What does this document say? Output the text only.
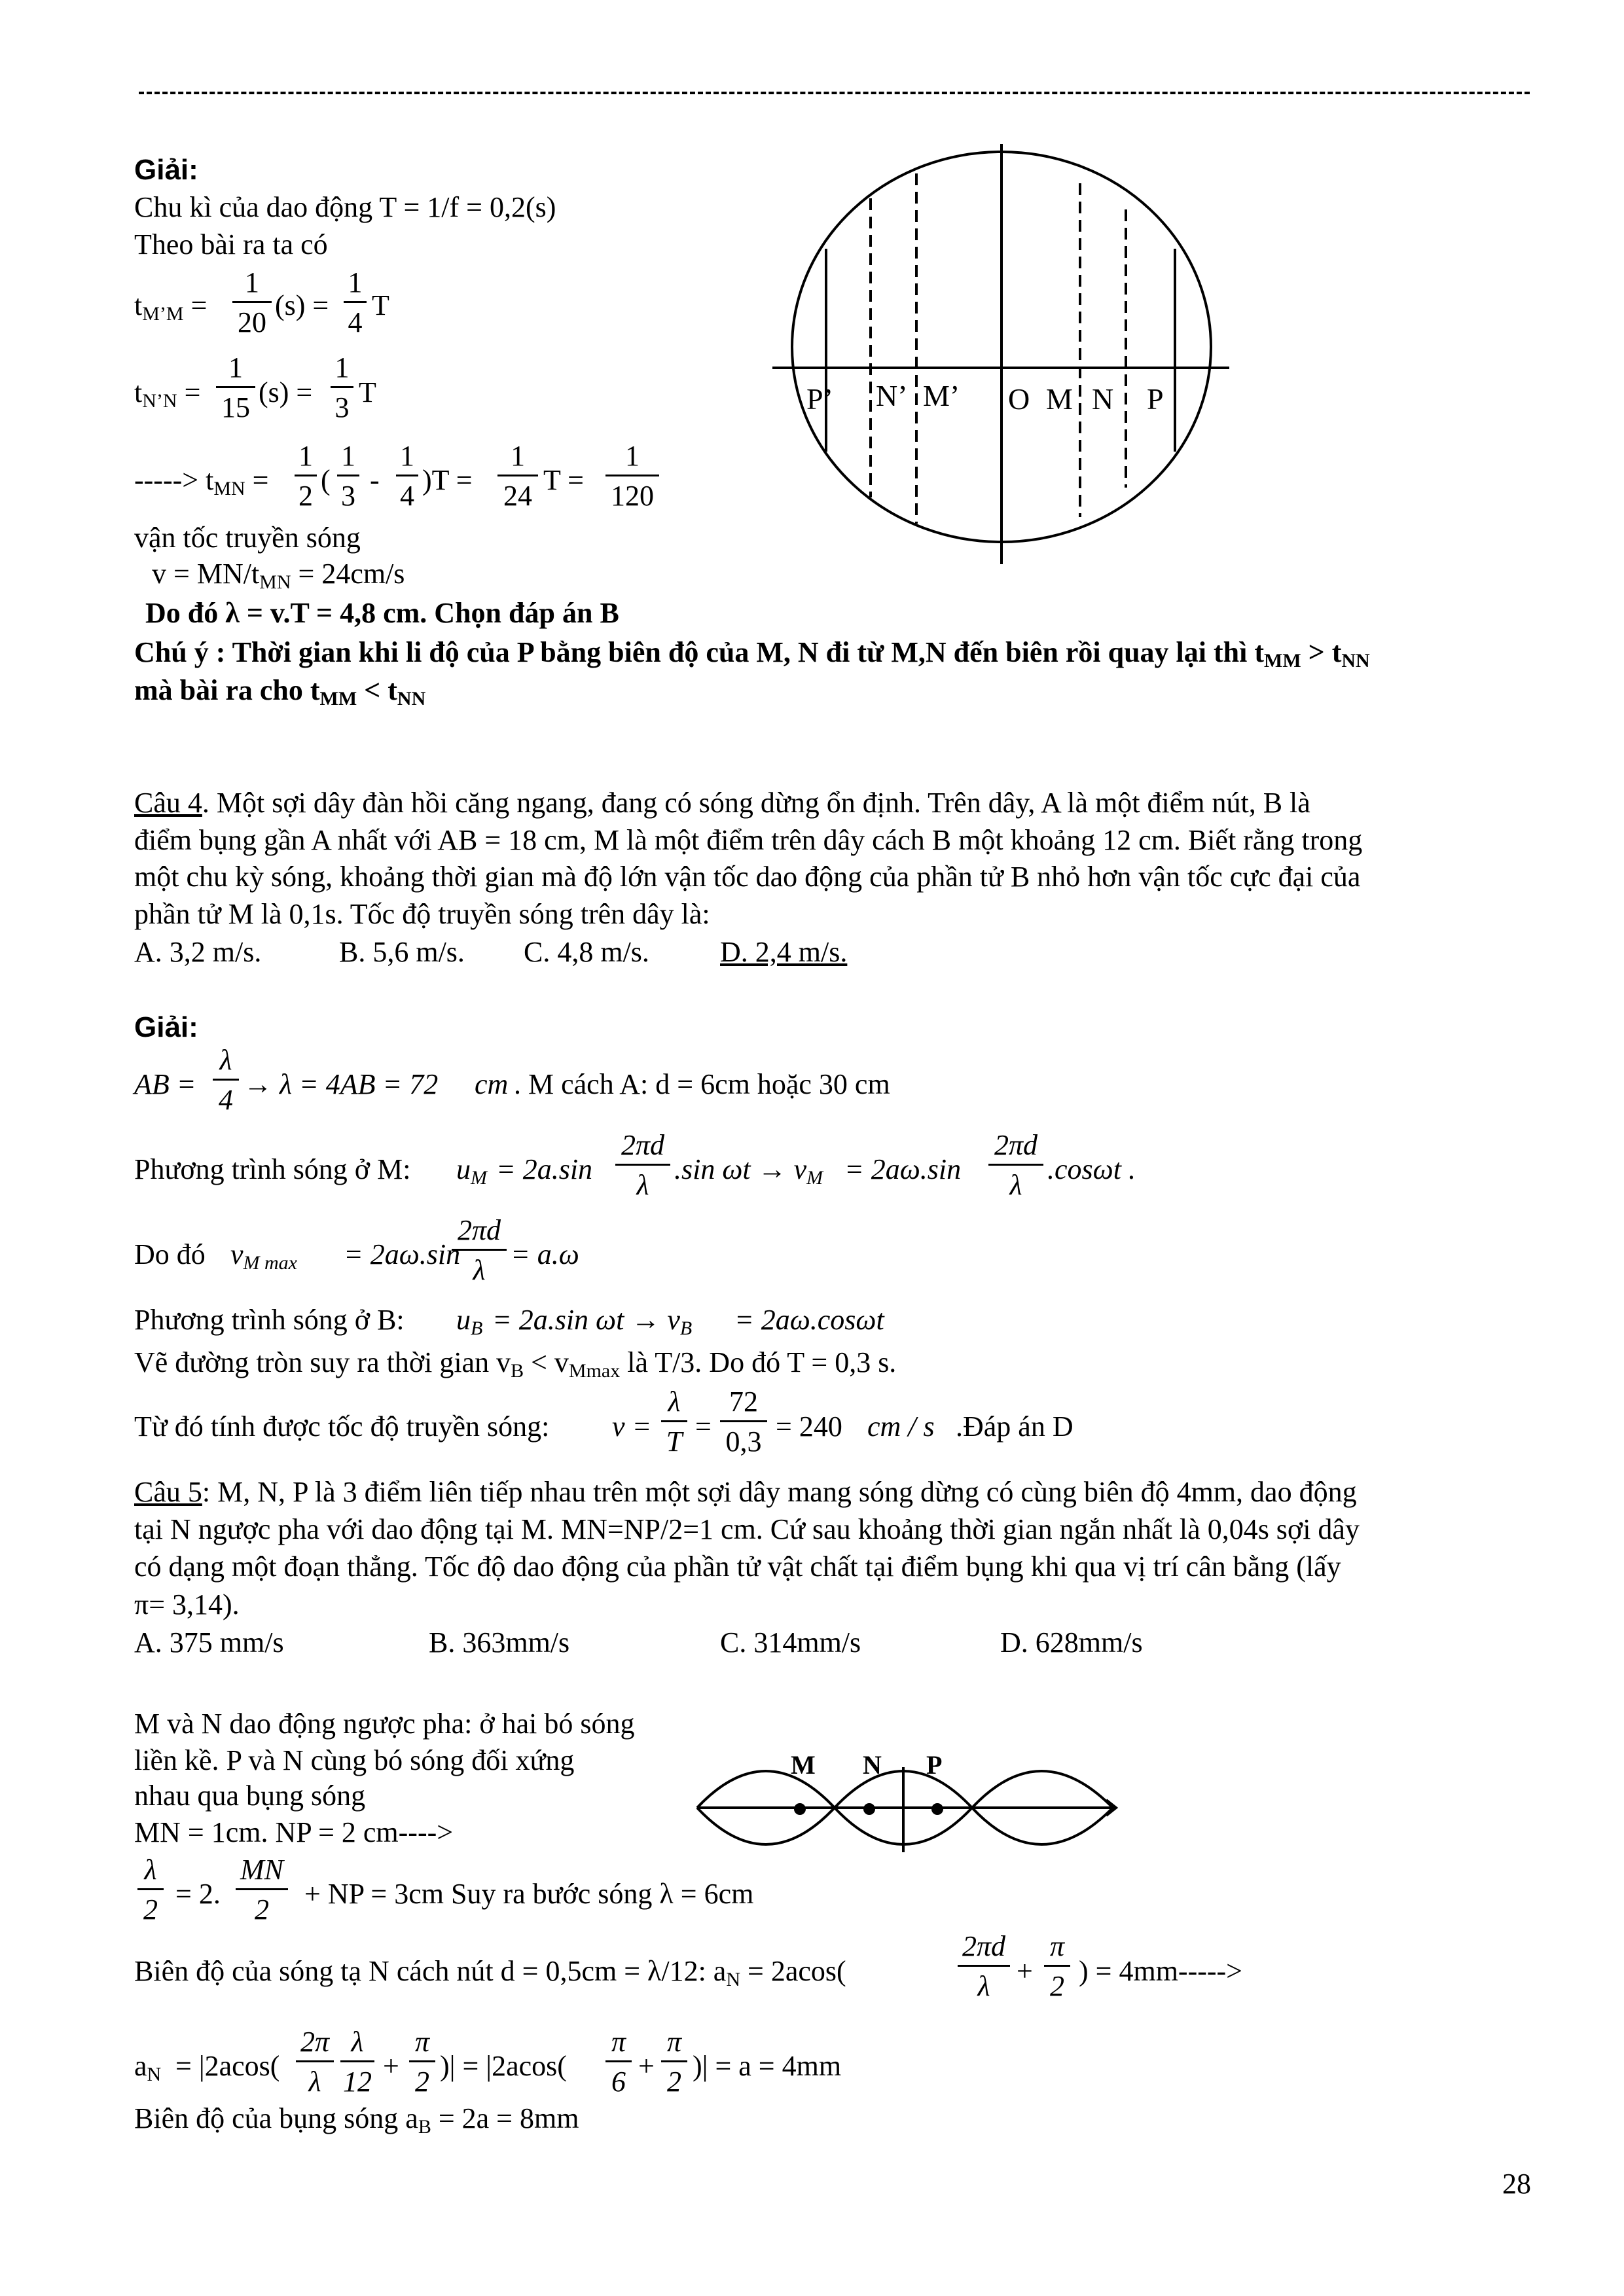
Giải:
Chu kì của dao động T = 1/f = 0,2(s)
Theo bài ra ta có
$t_{M’M} = \frac{1}{20} (s) = \frac{1}{4}$ T
$t_{N’N} = \frac{1}{15} (s) = \frac{1}{3}$ T
-----> $t_{MN} = \frac{1}{2}$ ( $\frac{1}{3} - \frac{1}{4} )T = \frac{1}{24}$ $T = \frac{1}{120}$
vận tốc truyền sóng
$v = MN/t_{MN} = 24cm/s$
Do đó λ = v.T = 4,8 cm. Chọn đáp án B
Chú ý : Thời gian khi li độ của P bằng biên độ của M, N đi từ M,N đến biên rồi quay lại thì $t_{MM} > t_{NN}$
mà bài ra cho $t_{MM} < t_{NN}$
P’ N’ M’ O M N P
Câu 4. Một sợi dây đàn hồi căng ngang, đang có sóng dừng ổn định. Trên dây, A là một điểm nút, B là
điểm bụng gần A nhất với AB = 18 cm, M là một điểm trên dây cách B một khoảng 12 cm. Biết rằng trong
một chu kỳ sóng, khoảng thời gian mà độ lớn vận tốc dao động của phần tử B nhỏ hơn vận tốc cực đại của
phần tử M là 0,1s. Tốc độ truyền sóng trên dây là:
A. 3,2 m/s.	B. 5,6 m/s. C. 4,8 m/s. D. 2,4 m/s.
Giải:
AB = $\frac{\lambda}{4} \to \lambda = 4AB = 72$ cm . M cách A: d = 6cm hoặc 30 cm
Phương trình sóng ở M: $u_M = 2a.\sin \frac{2\pi d}{\lambda} .\sin$ $\omega t \to v_M = 2a\omega.\sin \frac{2\pi d}{\lambda} .\cos\omega t$ .
Do đó $v_{M max} = 2a\omega.\sin$
$\frac{2\pi d}{\lambda} = a.\omega$
Phương trình sóng ở B: $u_B = 2a.\sin$ $\omega t \to v_B = 2a\omega.\cos\omega t$
Vẽ đường tròn suy ra thời gian $v_B < v_{Mmax}$ là T/3. Do đó T = 0,3 s.
Từ đó tính được tốc độ truyền sóng: $v = \frac{\lambda}{T} = \frac{72}{0,3} = 240$ cm / s .Đáp án D
Câu 5: M, N, P là 3 điểm liên tiếp nhau trên một sợi dây mang sóng dừng có cùng biên độ 4mm, dao động
tại N ngược pha với dao động tại M. MN=NP/2=1 cm. Cứ sau khoảng thời gian ngắn nhất là 0,04s sợi dây
có dạng một đoạn thẳng. Tốc độ dao động của phần tử vật chất tại điểm bụng khi qua vị trí cân bằng (lấy
π= 3,14).
A. 375 mm/s	B. 363mm/s	C. 314mm/s	D. 628mm/s
M và N dao động ngược pha: ở hai bó sóng
liền kề. P và N cùng bó sóng đối xứng
nhau qua bụng sóng
MN = 1cm. NP = 2 cm---->
$\frac{\lambda}{2} = 2$. $\frac{MN}{2}$ + NP = 3cm Suy ra bước sóng λ = 6cm
Biên độ của sóng tạ N cách nút d = 0,5cm = λ/12: $a_N = 2acos$(	$\frac{2\pi d}{\lambda} + \frac{\pi}{2}$ ) = 4mm----->
$a_N = |2acos( \frac{2\pi}{\lambda} \frac{\lambda}{12} + \frac{\pi}{2}$ )| = $|2acos( \frac{\pi}{6} + \frac{\pi}{2}$ )| = a = 4mm
Biên độ của bụng sóng $a_B = 2a = 8mm$
M N P
28
